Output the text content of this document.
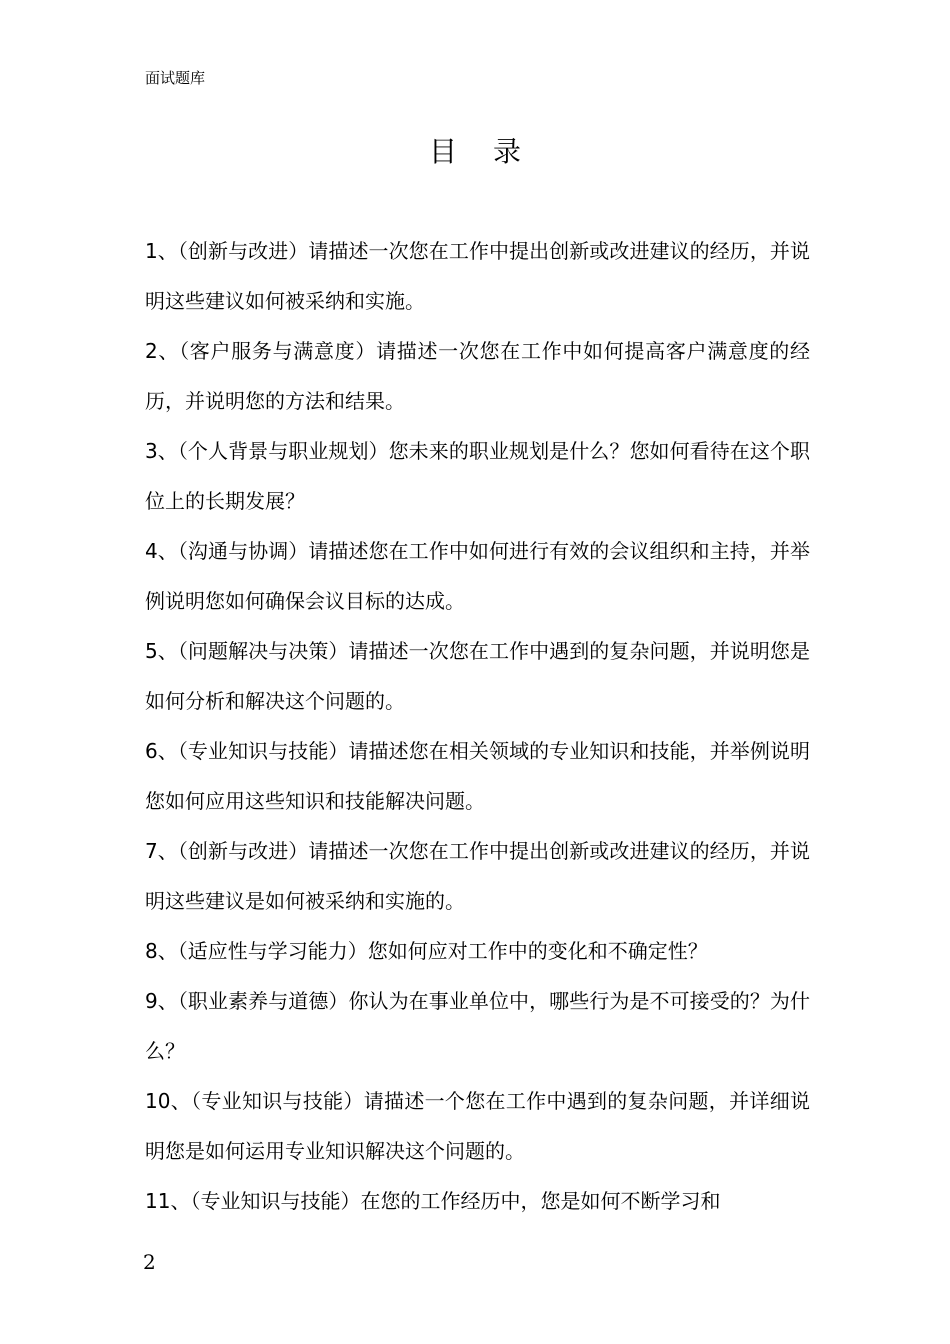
面试题库
目录
1、（创新与改进）请描述一次您在工作中提出创新或改进建议的经历，并说明这些建议如何被采纳和实施。
2、（客户服务与满意度）请描述一次您在工作中如何提高客户满意度的经历，并说明您的方法和结果。
3、（个人背景与职业规划）您未来的职业规划是什么？您如何看待在这个职位上的长期发展？
4、（沟通与协调）请描述您在工作中如何进行有效的会议组织和主持，并举例说明您如何确保会议目标的达成。
5、（问题解决与决策）请描述一次您在工作中遇到的复杂问题，并说明您是如何分析和解决这个问题的。
6、（专业知识与技能）请描述您在相关领域的专业知识和技能，并举例说明您如何应用这些知识和技能解决问题。
7、（创新与改进）请描述一次您在工作中提出创新或改进建议的经历，并说明这些建议是如何被采纳和实施的。
8、（适应性与学习能力）您如何应对工作中的变化和不确定性？
9、（职业素养与道德）你认为在事业单位中，哪些行为是不可接受的？为什么？
10、（专业知识与技能）请描述一个您在工作中遇到的复杂问题，并详细说明您是如何运用专业知识解决这个问题的。
11、（专业知识与技能）在您的工作经历中，您是如何不断学习和
2
